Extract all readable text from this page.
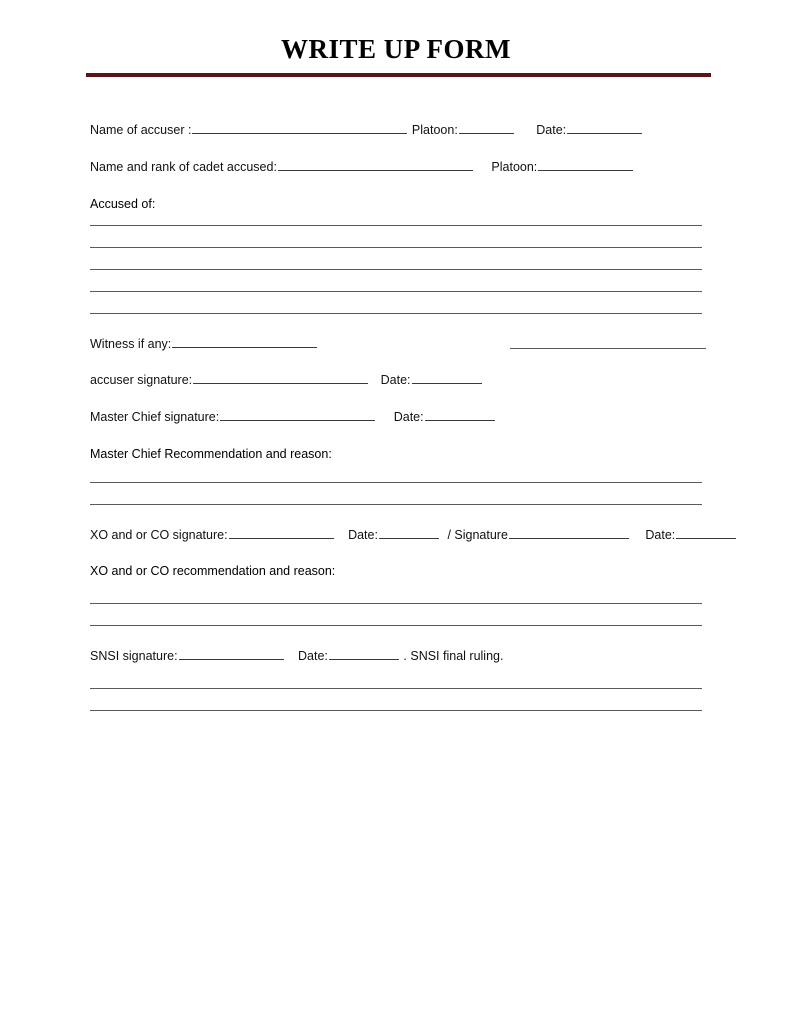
WRITE UP FORM
Name of accuser :	Platoon:	Date:
Name and rank of cadet accused:	Platoon:
Accused of:
Witness if any:
accuser signature:	Date:
Master Chief signature:	Date:
Master Chief Recommendation and reason:
XO and or CO signature:	Date:	/ Signature	Date:
XO and or CO recommendation and reason:
SNSI signature:	Date:	. SNSI final ruling.
